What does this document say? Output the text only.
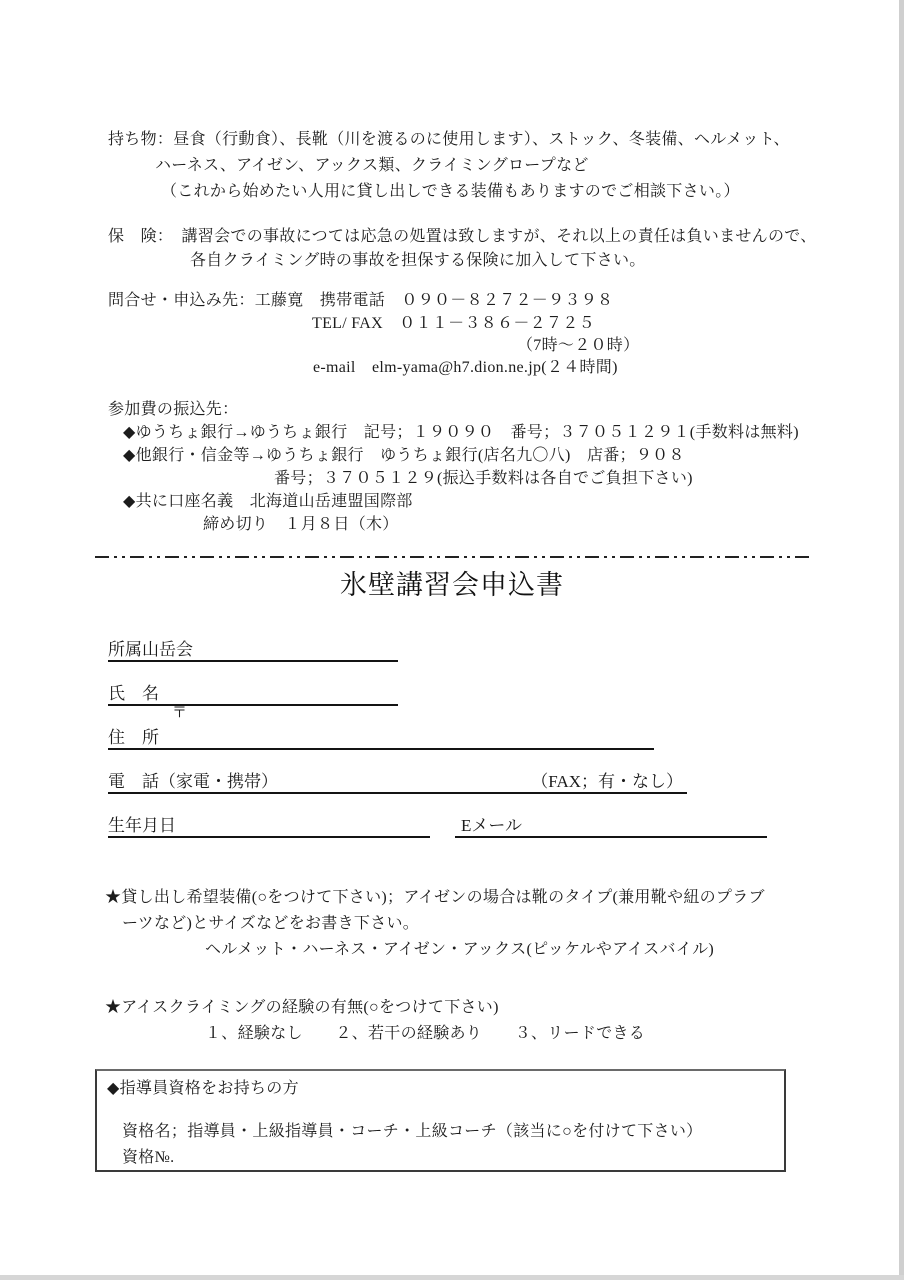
持ち物：昼食（行動食）、長靴（川を渡るのに使用します）、ストック、冬装備、ヘルメット、
ハーネス、アイゼン、アックス類、クライミングロープなど
（これから始めたい人用に貸し出しできる装備もありますのでご相談下さい。）
保　険：　講習会での事故につては応急の処置は致しますが、それ以上の責任は負いませんので、
各自クライミング時の事故を担保する保険に加入して下さい。
問合せ・申込み先：工藤寛　携帯電話　０９０－８２７２－９３９８
TEL/ FAX　０１１－３８６－２７２５
（7時～２０時）
e-mail　elm-yama@h7.dion.ne.jp(２４時間)
参加費の振込先：
◆ゆうちょ銀行→ゆうちょ銀行　記号；１９０９０　番号；３７０５１２９１(手数料は無料)
◆他銀行・信金等→ゆうちょ銀行　ゆうちょ銀行(店名九〇八)　店番；９０８
番号；３７０５１２９(振込手数料は各自でご負担下さい)
◆共に口座名義　北海道山岳連盟国際部
締め切り　１月８日（木）
氷壁講習会申込書
所属山岳会
氏　名
〒
住　所
（FAX；有・なし）
電　話（家電・携帯）
生年月日	Eメール
★貸し出し希望装備(○をつけて下さい)；アイゼンの場合は靴のタイプ(兼用靴や紐のプラブ
ーツなど)とサイズなどをお書き下さい。
ヘルメット・ハーネス・アイゼン・アックス(ピッケルやアイスバイル)
★アイスクライミングの経験の有無(○をつけて下さい)
１、経験なし　　２、若干の経験あり　　３、リードできる
◆指導員資格をお持ちの方
資格名；指導員・上級指導員・コーチ・上級コーチ（該当に○を付けて下さい）
資格№.
